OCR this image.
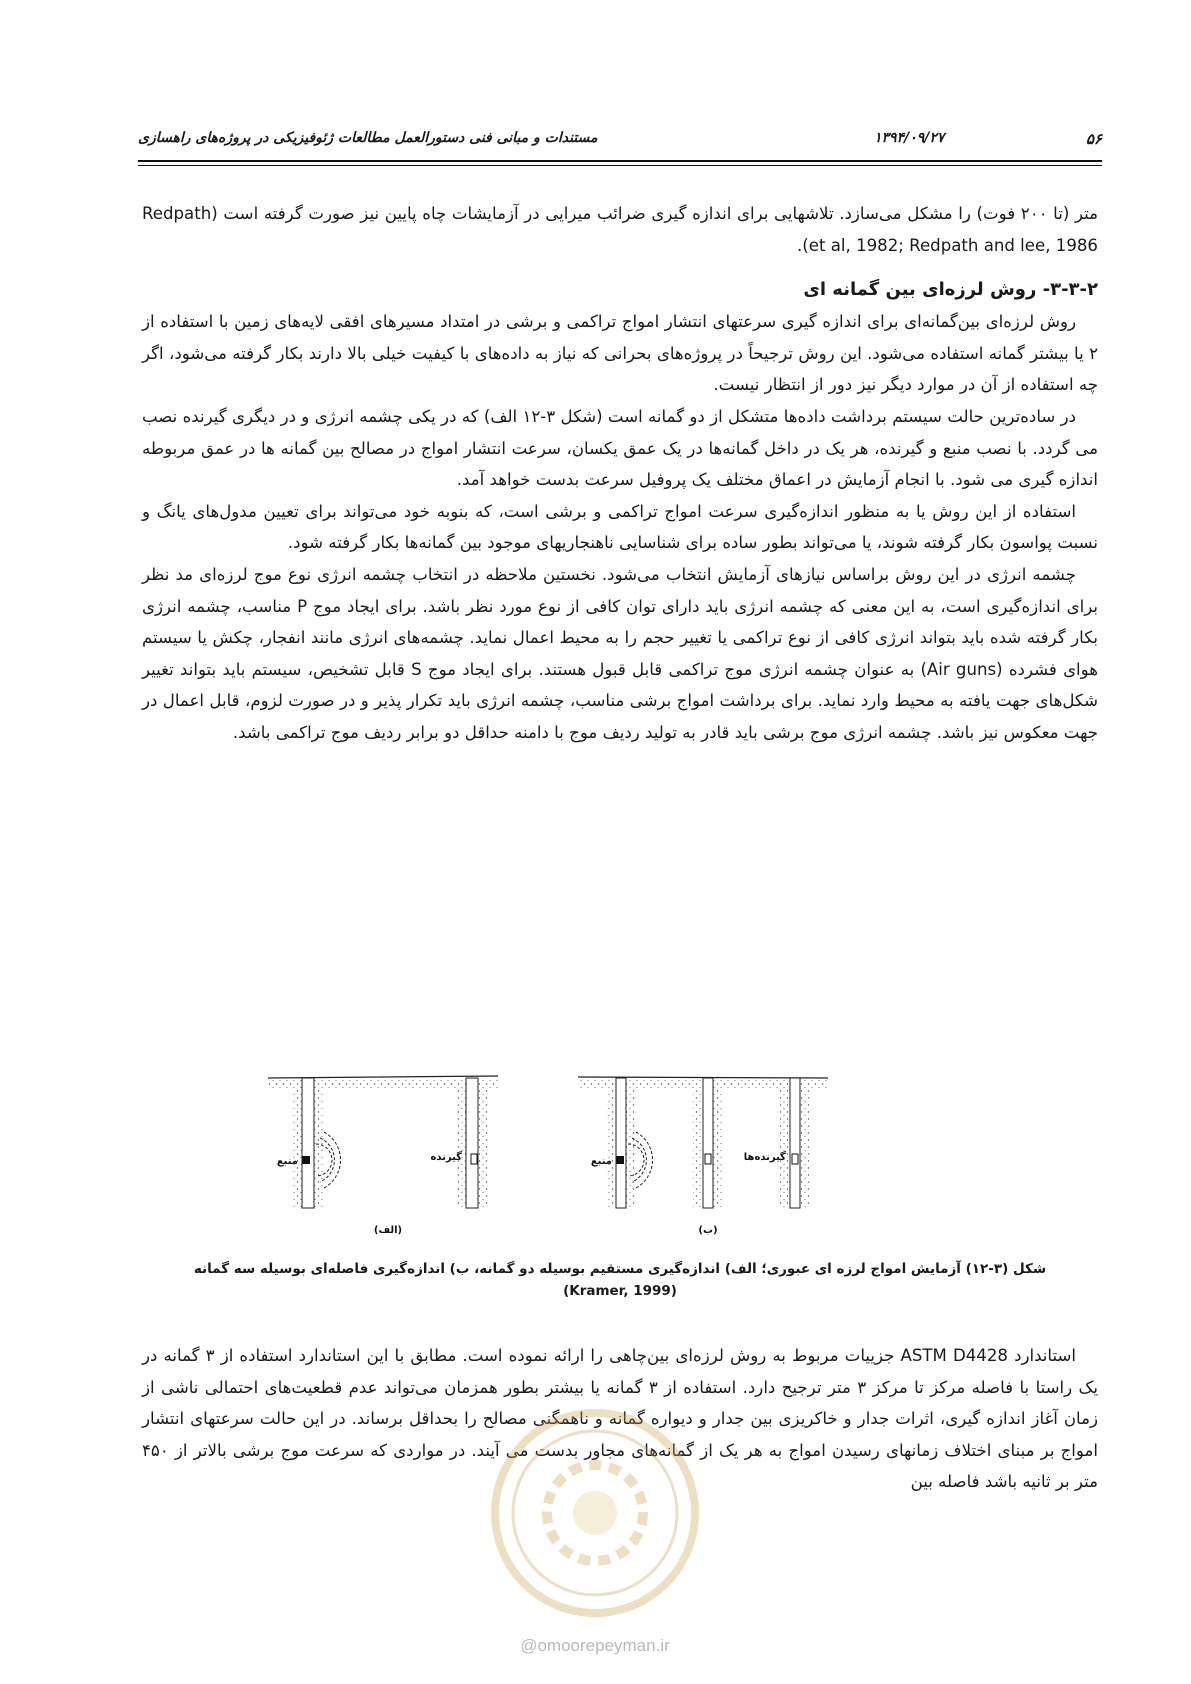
۵۶
۱۳۹۴/۰۹/۲۷
مستندات و مبانی فنی دستورالعمل مطالعات ژئوفیزیکی در پروژه‌های راهسازی

متر (تا ۲۰۰ فوت) را مشکل می‌سازد. تلاشهایی برای اندازه گیری ضرائب میرایی در آزمایشات چاه پایین نیز صورت گرفته است (Redpath et al, 1982; Redpath and lee, 1986).

۳-۳-۲- روش لرزه‌ای بین گمانه ای

روش لرزه‌ای بین‌گمانه‌ای برای اندازه گیری سرعتهای انتشار امواج تراکمی و برشی در امتداد مسیرهای افقی لایه‌های زمین با استفاده از ۲ یا بیشتر گمانه استفاده می‌شود. این روش ترجیحاً در پروژه‌های بحرانی که نیاز به داده‌های با کیفیت خیلی بالا دارند بکار گرفته می‌شود، اگر چه استفاده از آن در موارد دیگر نیز دور از انتظار نیست.

در ساده‌ترین حالت سیستم برداشت داده‌ها متشکل از دو گمانه است (شکل ۳-۱۲ الف) که در یکی چشمه انرژی و در دیگری گیرنده نصب می گردد. با نصب منبع و گیرنده، هر یک در داخل گمانه‌ها در یک عمق یکسان، سرعت انتشار امواج در مصالح بین گمانه ها در عمق مربوطه اندازه گیری می شود. با انجام آزمایش در اعماق مختلف یک پروفیل سرعت بدست خواهد آمد.

استفاده از این روش یا به منظور اندازه‌گیری سرعت امواج تراکمی و برشی است، که بنوبه خود می‌تواند برای تعیین مدول‌های یانگ و نسبت پواسون بکار گرفته شوند، یا می‌تواند بطور ساده برای شناسایی ناهنجاریهای موجود بین گمانه‌ها بکار گرفته شود.

چشمه انرژی در این روش براساس نیازهای آزمایش انتخاب می‌شود. نخستین ملاحظه در انتخاب چشمه انرژی نوع موج لرزه‌ای مد نظر برای اندازه‌گیری است، به این معنی که چشمه انرژی باید دارای توان کافی از نوع مورد نظر باشد. برای ایجاد موج P مناسب، چشمه انرژی بکار گرفته شده باید بتواند انرژی کافی از نوع تراکمی یا تغییر حجم را به محیط اعمال نماید. چشمه‌های انرژی مانند انفجار، چکش یا سیستم هوای فشرده (Air guns) به عنوان چشمه انرژی موج تراکمی قابل قبول هستند. برای ایجاد موج S قابل تشخیص، سیستم باید بتواند تغییر شکل‌های جهت یافته به محیط وارد نماید. برای برداشت امواج برشی مناسب، چشمه انرژی باید تکرار پذیر و در صورت لزوم، قابل اعمال در جهت معکوس نیز باشد. چشمه انرژی موج برشی باید قادر به تولید ردیف موج با دامنه حداقل دو برابر ردیف موج تراکمی باشد.

منبع	گیرنده
(الف)
منبع	گیرنده‌ها
(ب)
شکل (۳-۱۲) آزمایش امواج لرزه ای عبوری؛ الف) اندازه‌گیری مستقیم بوسیله دو گمانه، ب) اندازه‌گیری فاصله‌ای بوسیله سه گمانه
(Kramer, 1999)

استاندارد ASTM D4428 جزییات مربوط به روش لرزه‌ای بین‌چاهی را ارائه نموده است. مطابق با این استاندارد استفاده از ۳ گمانه در یک راستا با فاصله مرکز تا مرکز ۳ متر ترجیح دارد. استفاده از ۳ گمانه یا بیشتر بطور همزمان می‌تواند عدم قطعیت‌های احتمالی ناشی از زمان آغاز اندازه گیری، اثرات جدار و خاکریزی بین جدار و دیواره گمانه و ناهمگنی مصالح را بحداقل برساند. در این حالت سرعتهای انتشار امواج بر مبنای اختلاف زمانهای رسیدن امواج به هر یک از گمانه‌های مجاور بدست می آیند. در مواردی که سرعت موج برشی بالاتر از ۴۵۰ متر بر ثانیه باشد فاصله بین

@omoorepeyman.ir
